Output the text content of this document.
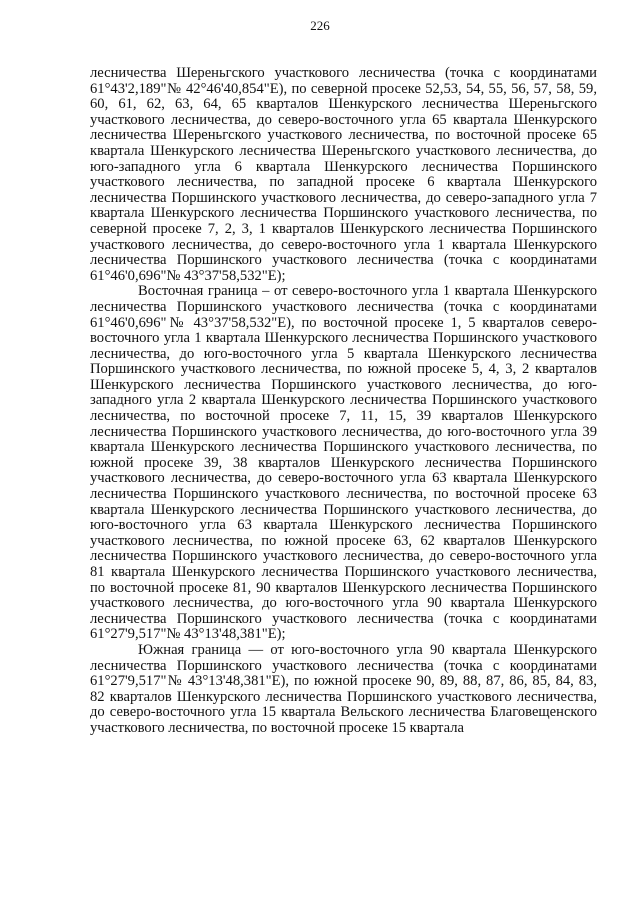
226

лесничества Шереньгского участкового лесничества (точка с координатами 61°43'2,189"№ 42°46'40,854"Е), по северной просеке 52,53, 54, 55, 56, 57, 58, 59, 60, 61, 62, 63, 64, 65 кварталов Шенкурского лесничества Шереньгского участкового лесничества, до северо-восточного угла 65 квартала Шенкурского лесничества Шереньгского участкового лесничества, по восточной просеке 65 квартала Шенкурского лесничества Шереньгского участкового лесничества, до юго-западного угла 6 квартала Шенкурского лесничества Поршинского участкового лесничества, по западной просеке 6 квартала Шенкурского лесничества Поршинского участкового лесничества, до северо-западного угла 7 квартала Шенкурского лесничества Поршинского участкового лесничества, по северной просеке 7, 2, 3, 1 кварталов Шенкурского лесничества Поршинского участкового лесничества, до северо-восточного угла 1 квартала Шенкурского лесничества Поршинского участкового лесничества (точка с координатами 61°46'0,696"№ 43°37'58,532"Е);

Восточная граница – от северо-восточного угла 1 квартала Шенкурского лесничества Поршинского участкового лесничества (точка с координатами 61°46'0,696"№ 43°37'58,532"Е), по восточной просеке 1, 5 кварталов северо-восточного угла 1 квартала Шенкурского лесничества Поршинского участкового лесничества, до юго-восточного угла 5 квартала Шенкурского лесничества Поршинского участкового лесничества, по южной просеке 5, 4, 3, 2 кварталов Шенкурского лесничества Поршинского участкового лесничества, до юго-западного угла 2 квартала Шенкурского лесничества Поршинского участкового лесничества, по восточной просеке 7, 11, 15, 39 кварталов Шенкурского лесничества Поршинского участкового лесничества, до юго-восточного угла 39 квартала Шенкурского лесничества Поршинского участкового лесничества, по южной просеке 39, 38 кварталов Шенкурского лесничества Поршинского участкового лесничества, до северо-восточного угла 63 квартала Шенкурского лесничества Поршинского участкового лесничества, по восточной просеке 63 квартала Шенкурского лесничества Поршинского участкового лесничества, до юго-восточного угла 63 квартала Шенкурского лесничества Поршинского участкового лесничества, по южной просеке 63, 62 кварталов Шенкурского лесничества Поршинского участкового лесничества, до северо-восточного угла 81 квартала Шенкурского лесничества Поршинского участкового лесничества, по восточной просеке 81, 90 кварталов Шенкурского лесничества Поршинского участкового лесничества, до юго-восточного угла 90 квартала Шенкурского лесничества Поршинского участкового лесничества (точка с координатами 61°27'9,517"№ 43°13'48,381"Е);

Южная граница — от юго-восточного угла 90 квартала Шенкурского лесничества Поршинского участкового лесничества (точка с координатами 61°27'9,517"№ 43°13'48,381"Е), по южной просеке 90, 89, 88, 87, 86, 85, 84, 83, 82 кварталов Шенкурского лесничества Поршинского участкового лесничества, до северо-восточного угла 15 квартала Вельского лесничества Благовещенского участкового лесничества, по восточной просеке 15 квартала
